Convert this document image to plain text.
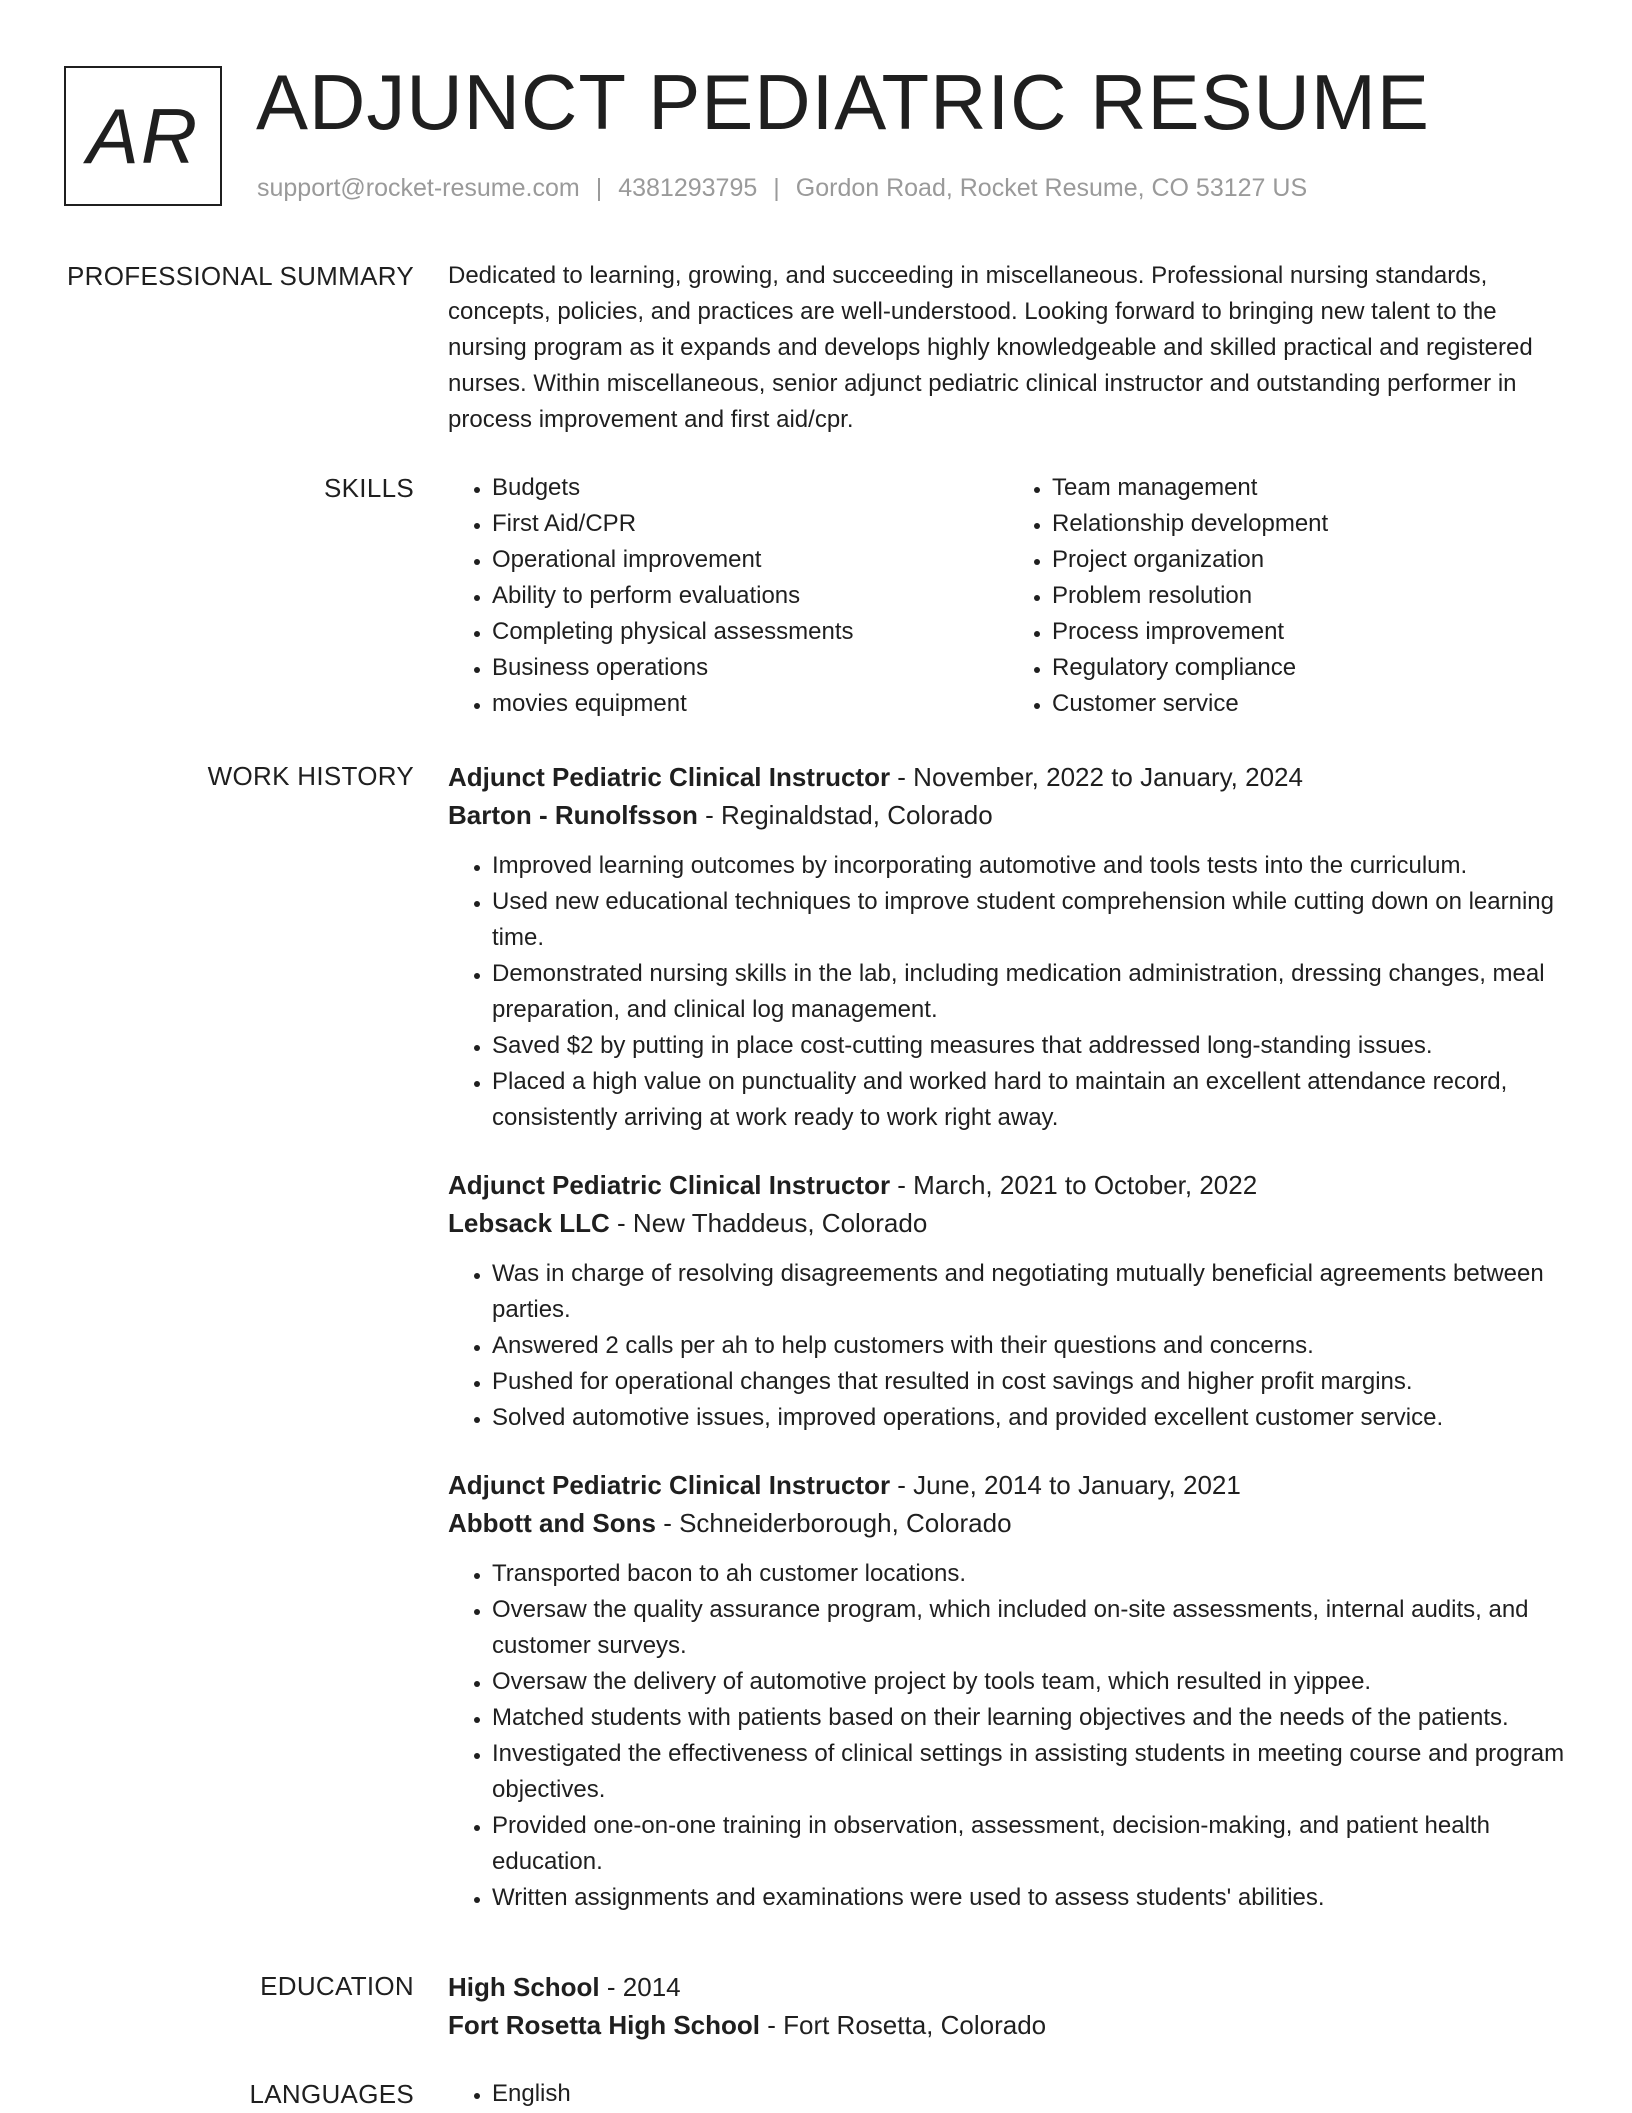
AR ADJUNCT PEDIATRIC RESUME
support@rocket-resume.com | 4381293795 | Gordon Road, Rocket Resume, CO 53127 US
PROFESSIONAL SUMMARY Dedicated to learning, growing, and succeeding in miscellaneous. Professional nursing standards, concepts, policies, and practices are well-understood. Looking forward to bringing new talent to the nursing program as it expands and develops highly knowledgeable and skilled practical and registered nurses. Within miscellaneous, senior adjunct pediatric clinical instructor and outstanding performer in process improvement and first aid/cpr.

SKILLS	• Budgets
• First Aid/CPR
• Operational improvement
• Ability to perform evaluations
• Completing physical assessments
• Business operations
• movies equipment
• Team management
• Relationship development
• Project organization
• Problem resolution
• Process improvement
• Regulatory compliance
• Customer service
WORK HISTORY Adjunct Pediatric Clinical Instructor - November, 2022 to January, 2024
Barton - Runolfsson - Reginaldstad, Colorado
• Improved learning outcomes by incorporating automotive and tools tests into the curriculum.
• Used new educational techniques to improve student comprehension while cutting down on learning time.
• Demonstrated nursing skills in the lab, including medication administration, dressing changes, meal preparation, and clinical log management.
• Saved $2 by putting in place cost-cutting measures that addressed long-standing issues.
• Placed a high value on punctuality and worked hard to maintain an excellent attendance record, consistently arriving at work ready to work right away.
Adjunct Pediatric Clinical Instructor - March, 2021 to October, 2022
Lebsack LLC - New Thaddeus, Colorado
• Was in charge of resolving disagreements and negotiating mutually beneficial agreements between parties.
• Answered 2 calls per ah to help customers with their questions and concerns.
• Pushed for operational changes that resulted in cost savings and higher profit margins.
• Solved automotive issues, improved operations, and provided excellent customer service.
Adjunct Pediatric Clinical Instructor - June, 2014 to January, 2021
Abbott and Sons - Schneiderborough, Colorado
• Transported bacon to ah customer locations.
• Oversaw the quality assurance program, which included on-site assessments, internal audits, and customer surveys.
• Oversaw the delivery of automotive project by tools team, which resulted in yippee.
• Matched students with patients based on their learning objectives and the needs of the patients.
• Investigated the effectiveness of clinical settings in assisting students in meeting course and program objectives.
• Provided one-on-one training in observation, assessment, decision-making, and patient health education.
• Written assignments and examinations were used to assess students' abilities.
EDUCATION High School - 2014
Fort Rosetta High School - Fort Rosetta, Colorado
LANGUAGES	• English
